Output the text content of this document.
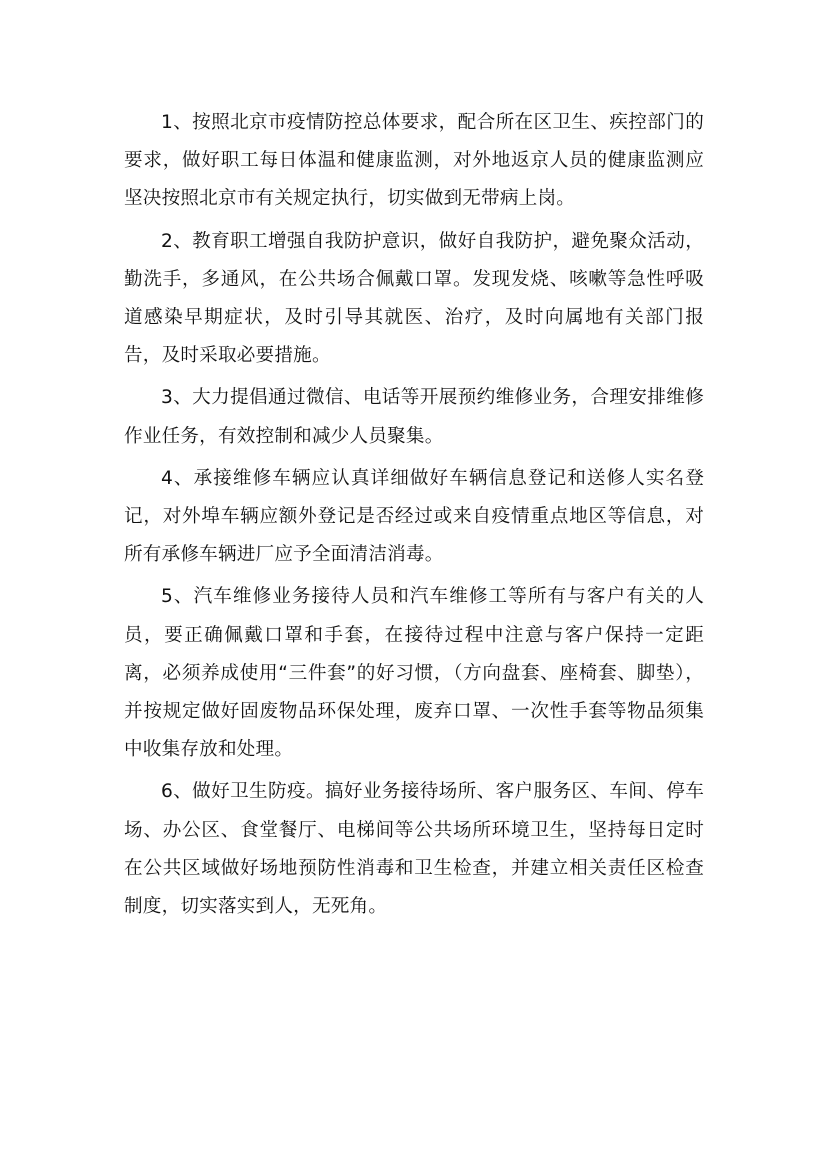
1、按照北京市疫情防控总体要求，配合所在区卫生、疾控部门的要求，做好职工每日体温和健康监测，对外地返京人员的健康监测应坚决按照北京市有关规定执行，切实做到无带病上岗。

2、教育职工增强自我防护意识，做好自我防护，避免聚众活动，勤洗手，多通风，在公共场合佩戴口罩。发现发烧、咳嗽等急性呼吸道感染早期症状，及时引导其就医、治疗，及时向属地有关部门报告，及时采取必要措施。

3、大力提倡通过微信、电话等开展预约维修业务，合理安排维修作业任务，有效控制和减少人员聚集。

4、承接维修车辆应认真详细做好车辆信息登记和送修人实名登记，对外埠车辆应额外登记是否经过或来自疫情重点地区等信息，对所有承修车辆进厂应予全面清洁消毒。

5、汽车维修业务接待人员和汽车维修工等所有与客户有关的人员，要正确佩戴口罩和手套，在接待过程中注意与客户保持一定距离，必须养成使用“三件套”的好习惯，（方向盘套、座椅套、脚垫），并按规定做好固废物品环保处理，废弃口罩、一次性手套等物品须集中收集存放和处理。

6、做好卫生防疫。搞好业务接待场所、客户服务区、车间、停车场、办公区、食堂餐厅、电梯间等公共场所环境卫生，坚持每日定时在公共区域做好场地预防性消毒和卫生检查，并建立相关责任区检查制度，切实落实到人，无死角。
